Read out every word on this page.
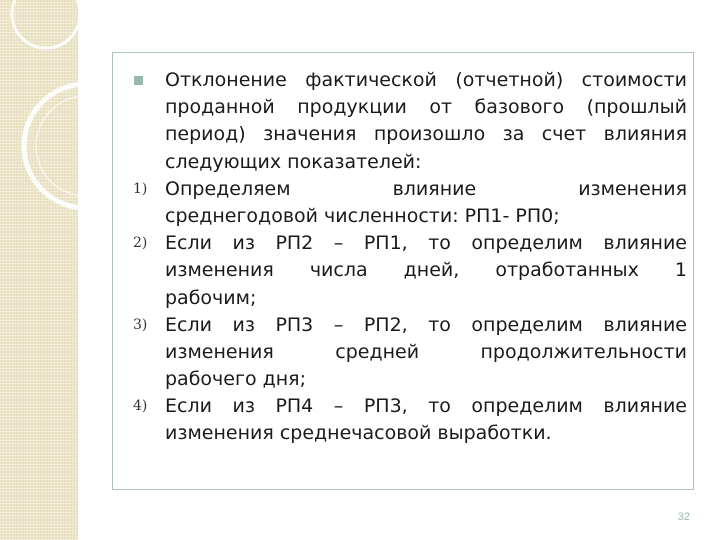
Отклонение фактической (отчетной) стоимости
проданной продукции от базового (прошлый
период) значения произошло за счет влияния
следующих показателей:
1) Определяем влияние изменения
среднегодовой численности: РП1- РП0;
2) Если из РП2 – РП1, то определим влияние
изменения числа дней, отработанных 1
рабочим;
3) Если из РП3 – РП2, то определим влияние
изменения средней продолжительности
рабочего дня;
4) Если из РП4 – РП3, то определим влияние
изменения среднечасовой выработки.
32
